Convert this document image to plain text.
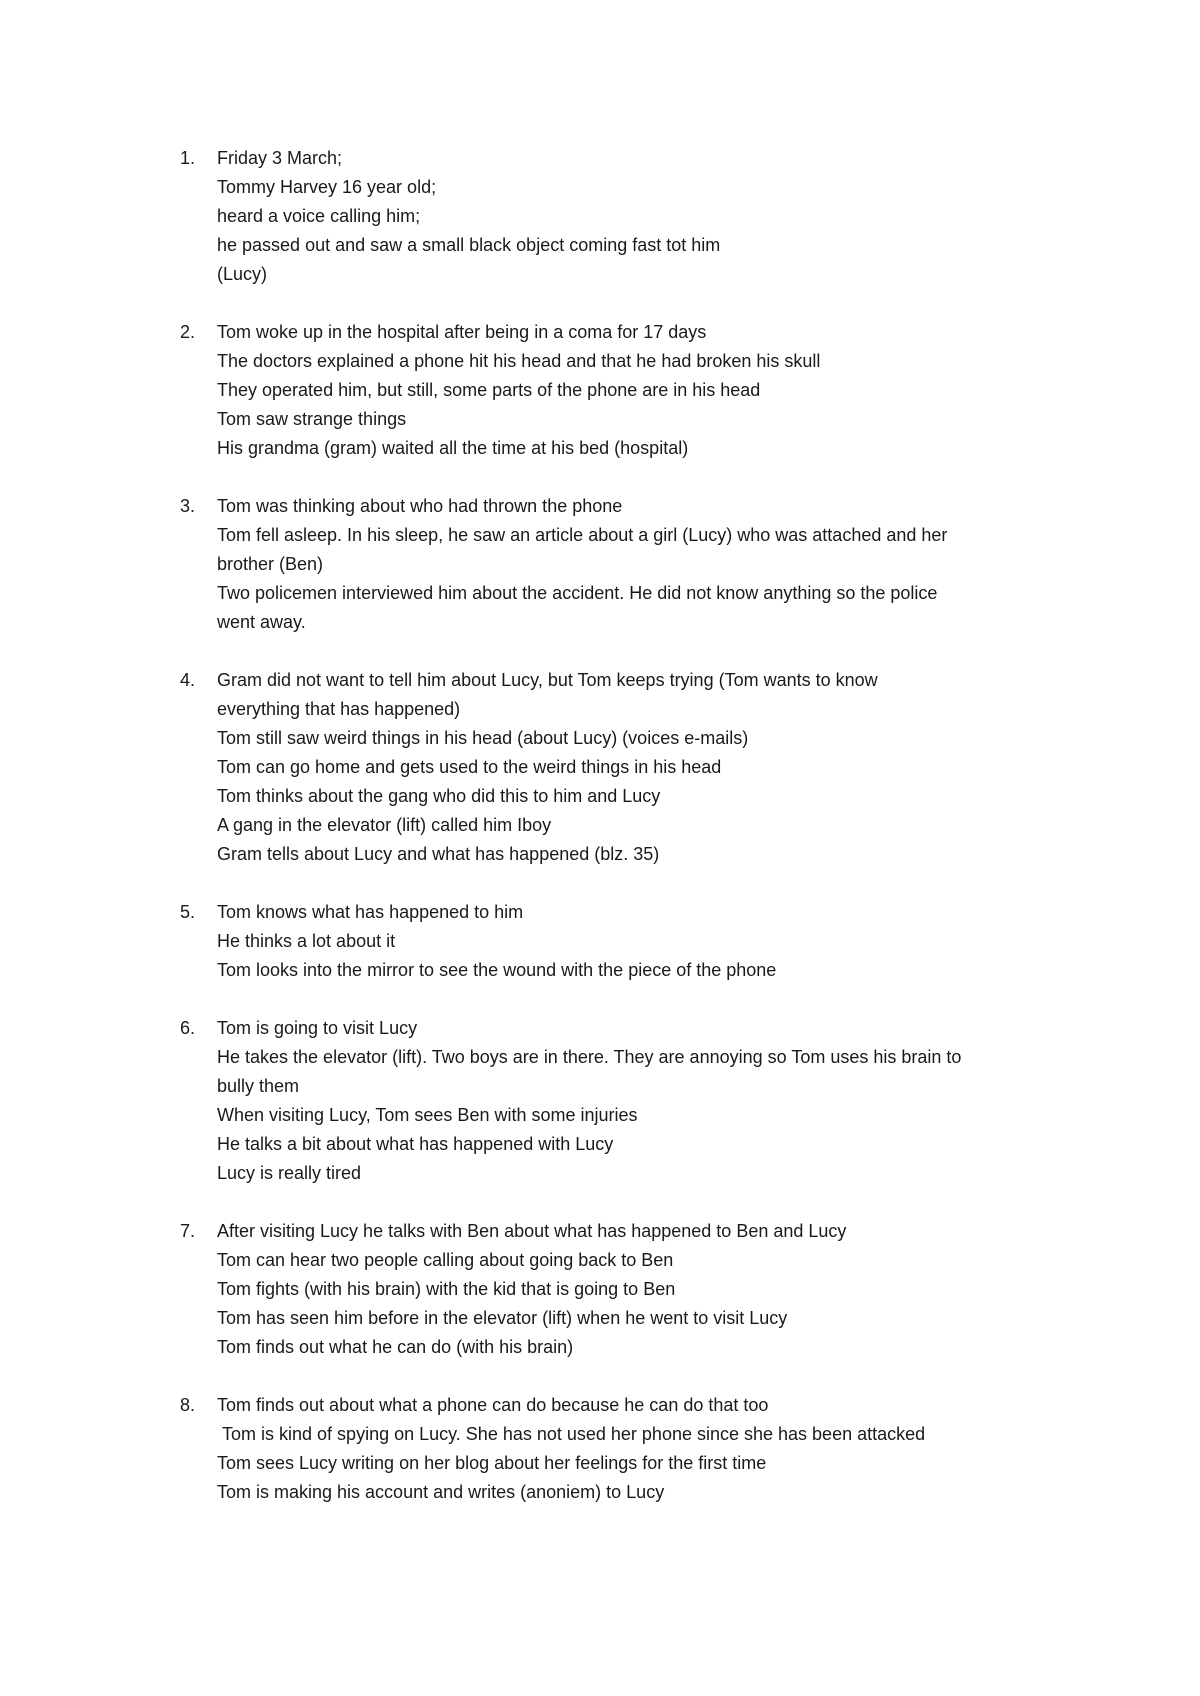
1.	Friday 3 March;
Tommy Harvey 16 year old;
heard a voice calling him;
he passed out and saw a small black object coming fast tot him
(Lucy)
2.	Tom woke up in the hospital after being in a coma for 17 days
The doctors explained a phone hit his head and that he had broken his skull
They operated him, but still, some parts of the phone are in his head
Tom saw strange things
His grandma (gram) waited all the time at his bed (hospital)
3.	Tom was thinking about who had thrown the phone
Tom fell asleep. In his sleep, he saw an article about a girl (Lucy) who was attached and her
brother (Ben)
Two policemen interviewed him about the accident. He did not know anything so the police
went away.
4.	Gram did not want to tell him about Lucy, but Tom keeps trying (Tom wants to know
everything that has happened)
Tom still saw weird things in his head (about Lucy) (voices e-mails)
Tom can go home and gets used to the weird things in his head
Tom thinks about the gang who did this to him and Lucy
A gang in the elevator (lift) called him Iboy
Gram tells about Lucy and what has happened (blz. 35)
5.	Tom knows what has happened to him
He thinks a lot about it
Tom looks into the mirror to see the wound with the piece of the phone
6.	Tom is going to visit Lucy
He takes the elevator (lift). Two boys are in there. They are annoying so Tom uses his brain to
bully them
When visiting Lucy, Tom sees Ben with some injuries
He talks a bit about what has happened with Lucy
Lucy is really tired
7.	After visiting Lucy he talks with Ben about what has happened to Ben and Lucy
Tom can hear two people calling about going back to Ben
Tom fights (with his brain) with the kid that is going to Ben
Tom has seen him before in the elevator (lift) when he went to visit Lucy
Tom finds out what he can do (with his brain)
8.	Tom finds out about what a phone can do because he can do that too
Tom is kind of spying on Lucy. She has not used her phone since she has been attacked
Tom sees Lucy writing on her blog about her feelings for the first time
Tom is making his account and writes (anoniem) to Lucy
